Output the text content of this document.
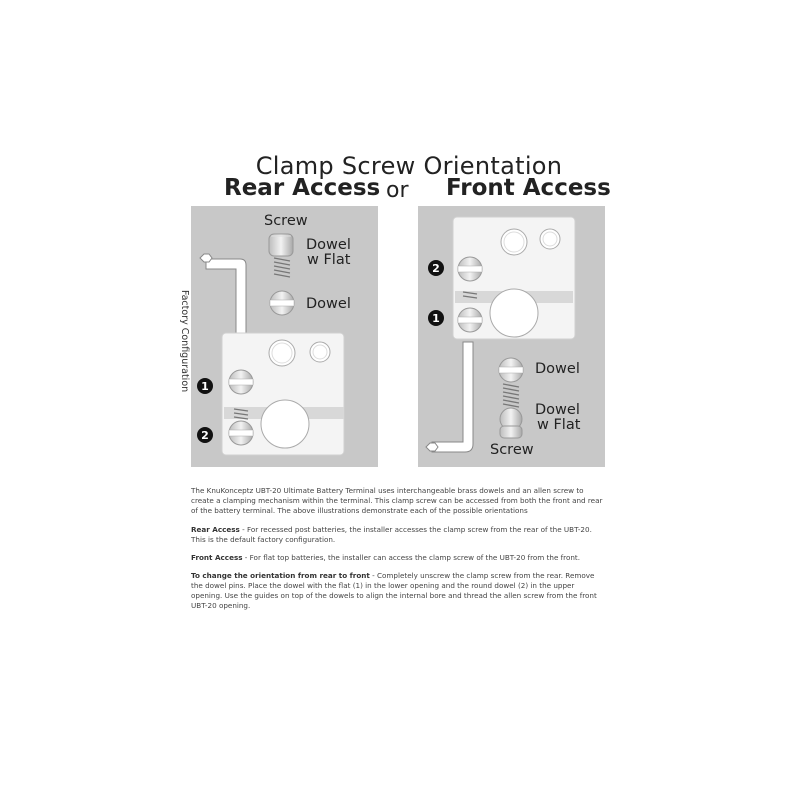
Clamp Screw Orientation
Rear Access or Front Access
1
2
2
1
Screw
Dowel
w Flat
Dowel
Factory Configuration	Dowel
Dowel
w Flat
Screw
The KnuKonceptz UBT-20 Ultimate Battery Terminal uses interchangeable brass dowels and an allen screw to create a clamping mechanism within the terminal. This clamp screw can be accessed from both the front and rear of the battery terminal. The above illustrations demonstrate each of the possible orientations
Rear Access - For recessed post batteries, the installer accesses the clamp screw from the rear of the UBT-20. This is the default factory configuration.
Front Access - For flat top batteries, the installer can access the clamp screw of the UBT-20 from the front.
To change the orientation from rear to front - Completely unscrew the clamp screw from the rear. Remove the dowel pins. Place the dowel with the flat (1) in the lower opening and the round dowel (2) in the upper opening. Use the guides on top of the dowels to align the internal bore and thread the allen screw from the front UBT-20 opening.
